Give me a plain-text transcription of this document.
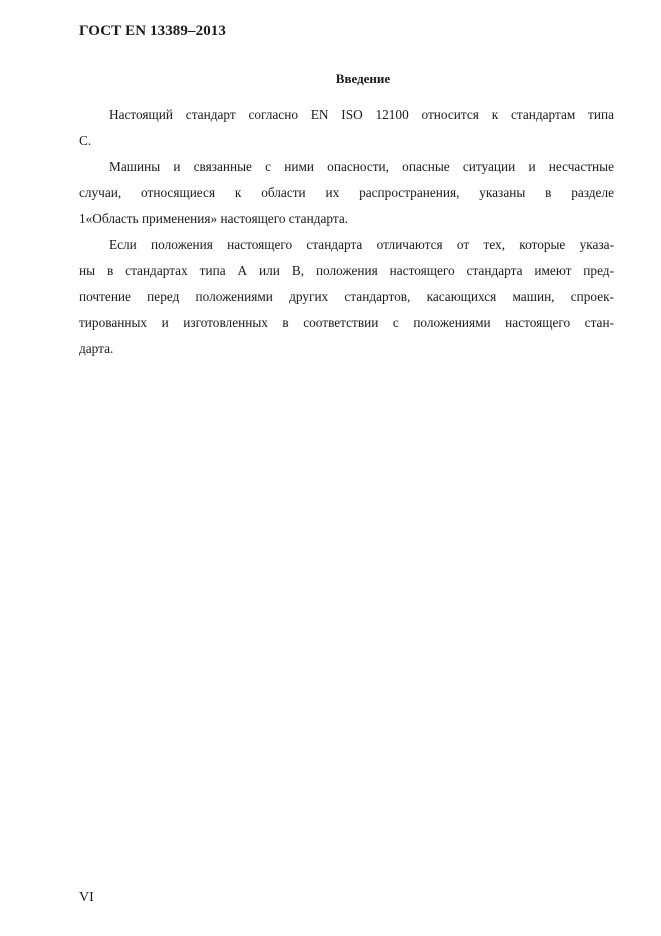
ГОСТ EN 13389–2013
Введение
Настоящий стандарт согласно EN ISO 12100 относится к стандартам типа
С.
Машины и связанные с ними опасности, опасные ситуации и несчастные
случаи, относящиеся к области их распространения, указаны в разделе
1«Область применения» настоящего стандарта.
Если положения настоящего стандарта отличаются от тех, которые указа-
ны в стандартах типа А или В, положения настоящего стандарта имеют пред-
почтение перед положениями других стандартов, касающихся машин, спроек-
тированных и изготовленных в соответствии с положениями настоящего стан-
дарта.
VI
